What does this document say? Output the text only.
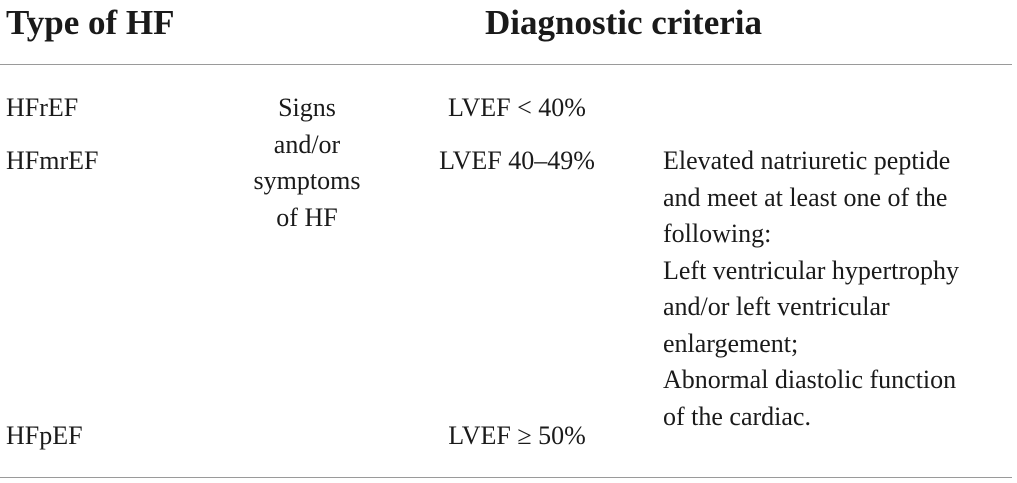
Type of HF	Diagnostic criteria
HFrEF
HFmrEF
HFpEF
Signs
and/or
symptoms
of HF
LVEF < 40%
LVEF 40–49%
LVEF ≥ 50%
Elevated natriuretic peptide
and meet at least one of the
following:
Left ventricular hypertrophy
and/or left ventricular
enlargement;
Abnormal diastolic function
of the cardiac.
